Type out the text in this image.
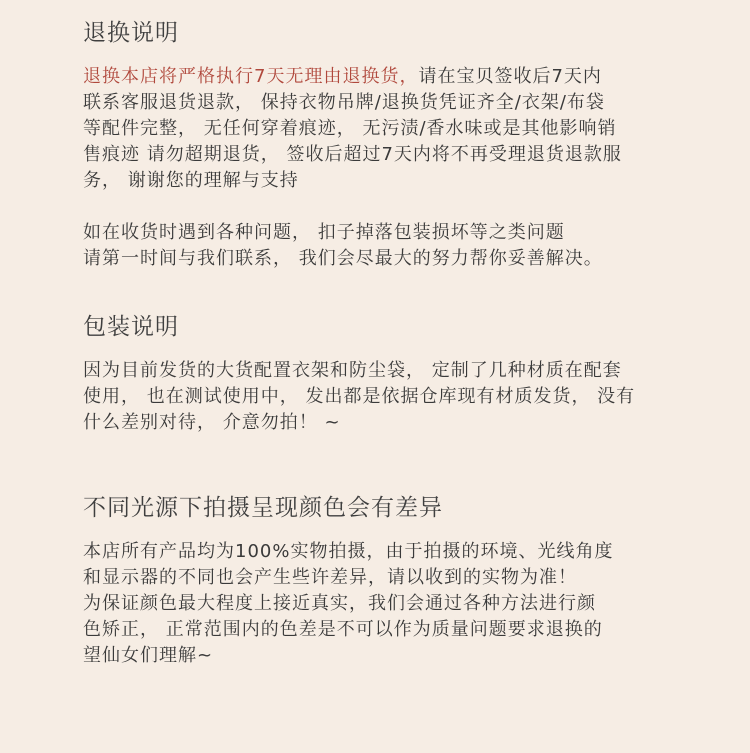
退换说明

退换本店将严格执行7天无理由退换货，请在宝贝签收后7天内
联系客服退货退款， 保持衣物吊牌/退换货凭证齐全/衣架/布袋
等配件完整， 无任何穿着痕迹， 无污渍/香水味或是其他影响销
售痕迹 请勿超期退货， 签收后超过7天内将不再受理退货退款服
务， 谢谢您的理解与支持

如在收货时遇到各种问题， 扣子掉落包装损坏等之类问题
请第一时间与我们联系， 我们会尽最大的努力帮你妥善解决。

包装说明

因为目前发货的大货配置衣架和防尘袋， 定制了几种材质在配套
使用， 也在测试使用中， 发出都是依据仓库现有材质发货， 没有
什么差别对待， 介意勿拍！ ~

不同光源下拍摄呈现颜色会有差异

本店所有产品均为100%实物拍摄，由于拍摄的环境、光线角度
和显示器的不同也会产生些许差异，请以收到的实物为准！
为保证颜色最大程度上接近真实，我们会通过各种方法进行颜
色矫正， 正常范围内的色差是不可以作为质量问题要求退换的
望仙女们理解~
